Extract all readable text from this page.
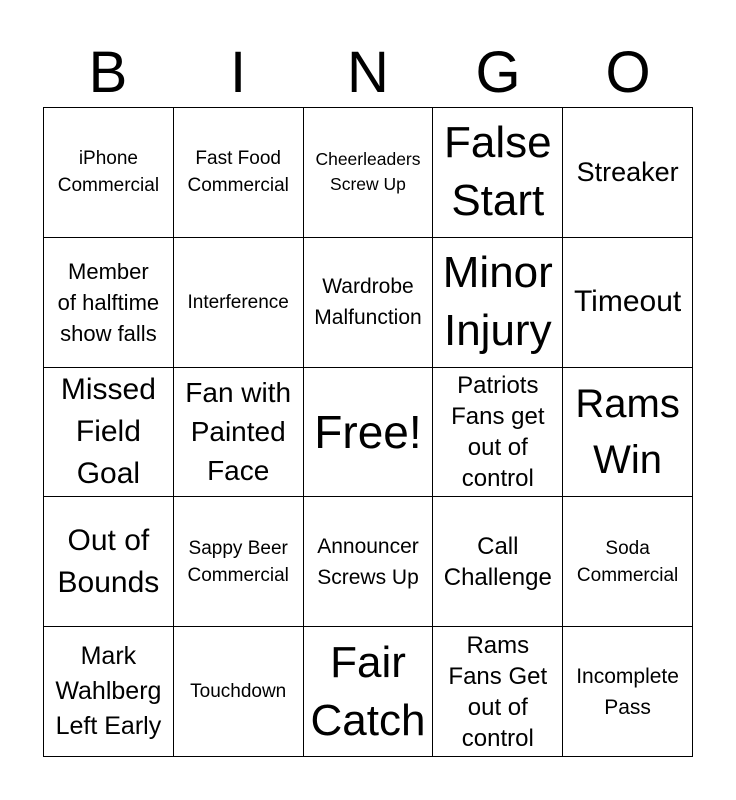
B	I	N	G	O
iPhone
Commercial
Fast Food
Commercial
Cheerleaders
Screw Up
False
Start
Streaker
Member
of halftime
show falls
Interference
Wardrobe
Malfunction
Minor
Injury
Timeout
Missed
Field
Goal
Fan with
Painted
Face
Free!
Patriots
Fans get
out of
control
Rams
Win
Out of
Bounds
Sappy Beer
Commercial
Announcer
Screws Up
Call
Challenge
Soda
Commercial
Mark
Wahlberg
Left Early
Touchdown
Fair
Catch
Rams
Fans Get
out of
control
Incomplete
Pass
